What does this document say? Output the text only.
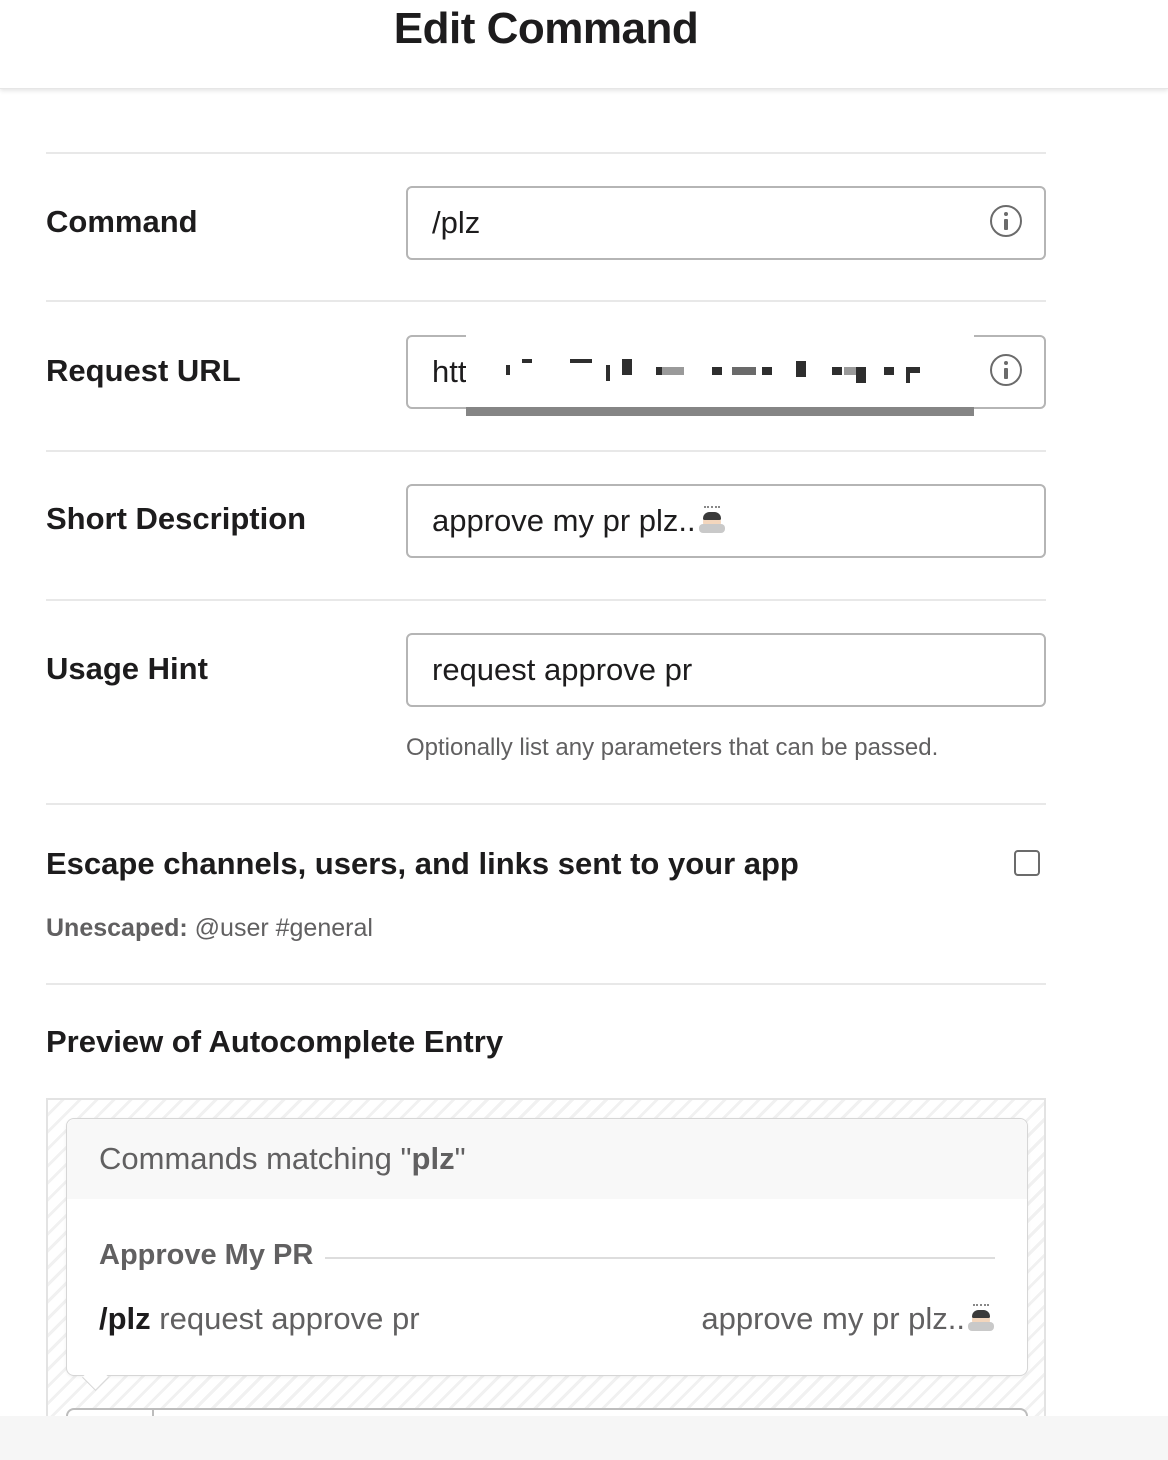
Edit Command
Command	/plz
Request URL	htt
Short Description	approve my pr plz..
Usage Hint	request approve pr
Optionally list any parameters that can be passed.
Escape channels, users, and links sent to your app
Unescaped: @user #general
Preview of Autocomplete Entry
Commands matching "plz"
Approve My PR
/plz request approve pr	approve my pr plz..
